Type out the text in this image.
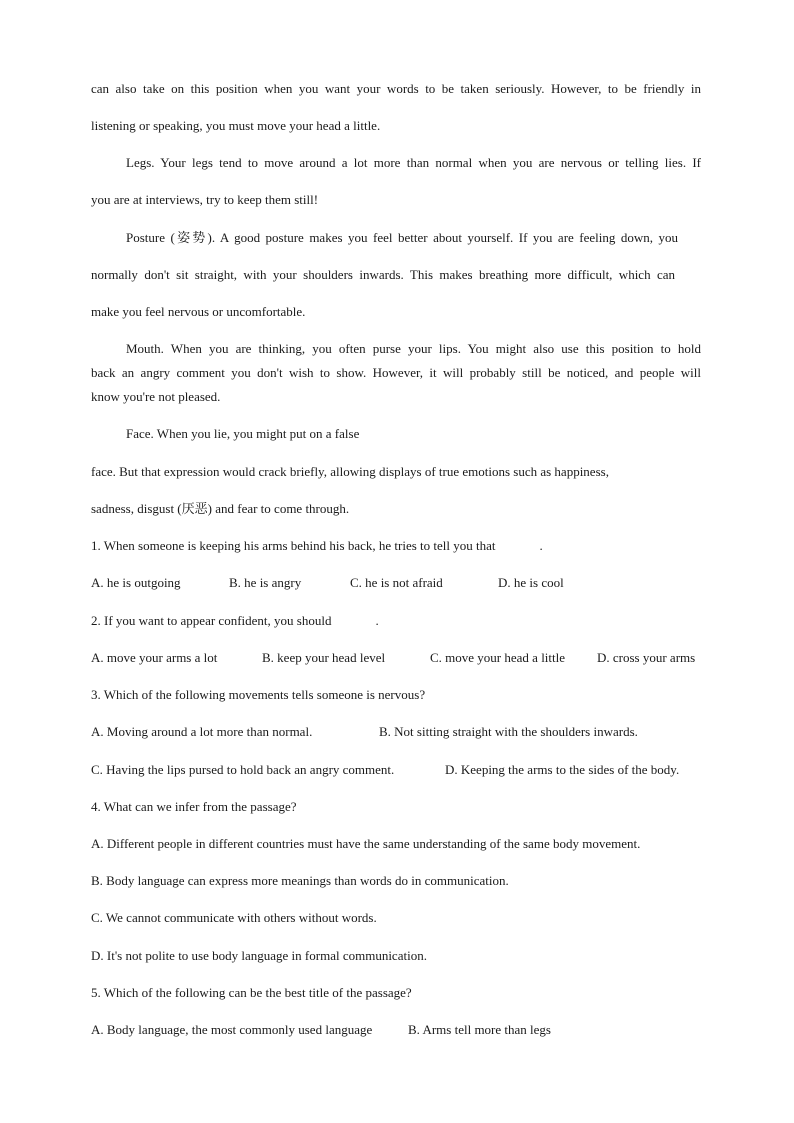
can also take on this position when you want your words to be taken seriously. However, to be friendly in
listening or speaking, you must move your head a little.
Legs. Your legs tend to move around a lot more than normal when you are nervous or telling lies. If
you are at interviews, try to keep them still!
Posture (姿势). A good posture makes you feel better about yourself. If you are feeling down, you
normally don't sit straight, with your shoulders inwards. This makes breathing more difficult, which can
make you feel nervous or uncomfortable.
Mouth. When you are thinking, you often purse your lips. You might also use this position to hold
back an angry comment you don't wish to show. However, it will probably still be noticed, and people will
know you're not pleased.
Face. When you lie, you might put on a false
face. But that expression would crack briefly, allowing displays of true emotions such as happiness,
sadness, disgust (厌恶) and fear to come through.
1. When someone is keeping his arms behind his back, he tries to tell you that	.
A. he is outgoing	B. he is angry	C. he is not afraid	D. he is cool
2. If you want to appear confident, you should	.
A. move your arms a lot	B. keep your head level	C. move your head a little D. cross your arms
3. Which of the following movements tells someone is nervous?
A. Moving around a lot more than normal.	B. Not sitting straight with the shoulders inwards.
C. Having the lips pursed to hold back an angry comment.	D. Keeping the arms to the sides of the body.
4. What can we infer from the passage?
A. Different people in different countries must have the same understanding of the same body movement.
B. Body language can express more meanings than words do in communication.
C. We cannot communicate with others without words.
D. It's not polite to use body language in formal communication.
5. Which of the following can be the best title of the passage?
A. Body language, the most commonly used language	B. Arms tell more than legs
